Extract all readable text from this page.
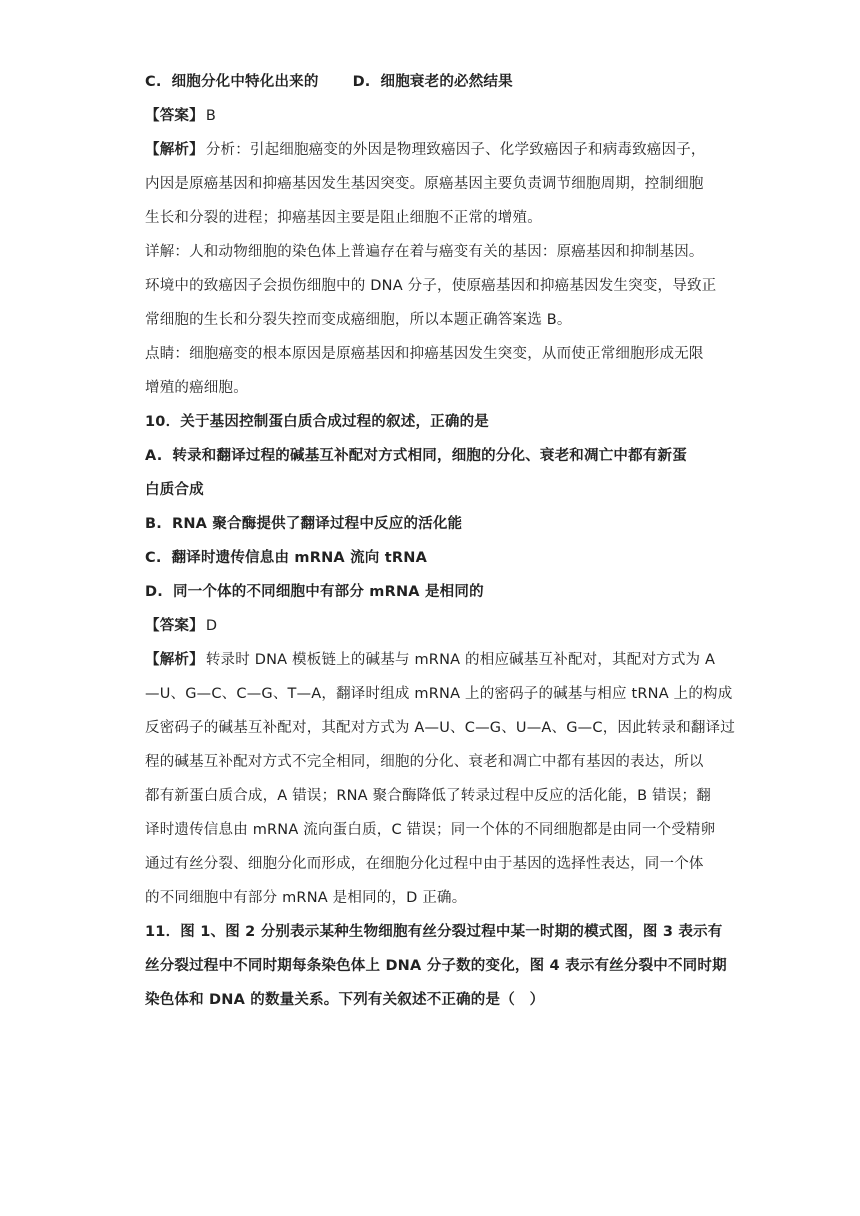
C. 细胞分化中特化出来的 D. 细胞衰老的必然结果
【答案】 B
【解析】 分析：引起细胞癌变的外因是物理致癌因子、化学致癌因子和病毒致癌因子，
内因是原癌基因和抑癌基因发生基因突变。原癌基因主要负责调节细胞周期，控制细胞
生长和分裂的进程；抑癌基因主要是阻止细胞不正常的增殖。
详解：人和动物细胞的染色体上普遍存在着与癌变有关的基因：原癌基因和抑制基因。
环境中的致癌因子会损伤细胞中的 DNA 分子，使原癌基因和抑癌基因发生突变，导致正
常细胞的生长和分裂失控而变成癌细胞，所以本题正确答案选 B。
点睛：细胞癌变的根本原因是原癌基因和抑癌基因发生突变，从而使正常细胞形成无限
增殖的癌细胞。
10．关于基因控制蛋白质合成过程的叙述，正确的是
A. 转录和翻译过程的碱基互补配对方式相同，细胞的分化、衰老和凋亡中都有新蛋
白质合成
B. RNA 聚合酶提供了翻译过程中反应的活化能
C. 翻译时遗传信息由 mRNA 流向 tRNA
D. 同一个体的不同细胞中有部分 mRNA 是相同的
【答案】 D
【解析】 转录时 DNA 模板链上的碱基与 mRNA 的相应碱基互补配对，其配对方式为 A
—U、G—C、C—G、T—A，翻译时组成 mRNA 上的密码子的碱基与相应 tRNA 上的构成
反密码子的碱基互补配对，其配对方式为 A—U、C—G、U—A、G—C，因此转录和翻译过
程的碱基互补配对方式不完全相同，细胞的分化、衰老和凋亡中都有基因的表达，所以
都有新蛋白质合成，A 错误；RNA 聚合酶降低了转录过程中反应的活化能，B 错误；翻
译时遗传信息由 mRNA 流向蛋白质，C 错误；同一个体的不同细胞都是由同一个受精卵
通过有丝分裂、细胞分化而形成，在细胞分化过程中由于基因的选择性表达，同一个体
的不同细胞中有部分 mRNA 是相同的，D 正确。
11．图 1、图 2 分别表示某种生物细胞有丝分裂过程中某一时期的模式图，图 3 表示有
丝分裂过程中不同时期每条染色体上 DNA 分子数的变化，图 4 表示有丝分裂中不同时期
染色体和 DNA 的数量关系。下列有关叙述不正确的是（　）
